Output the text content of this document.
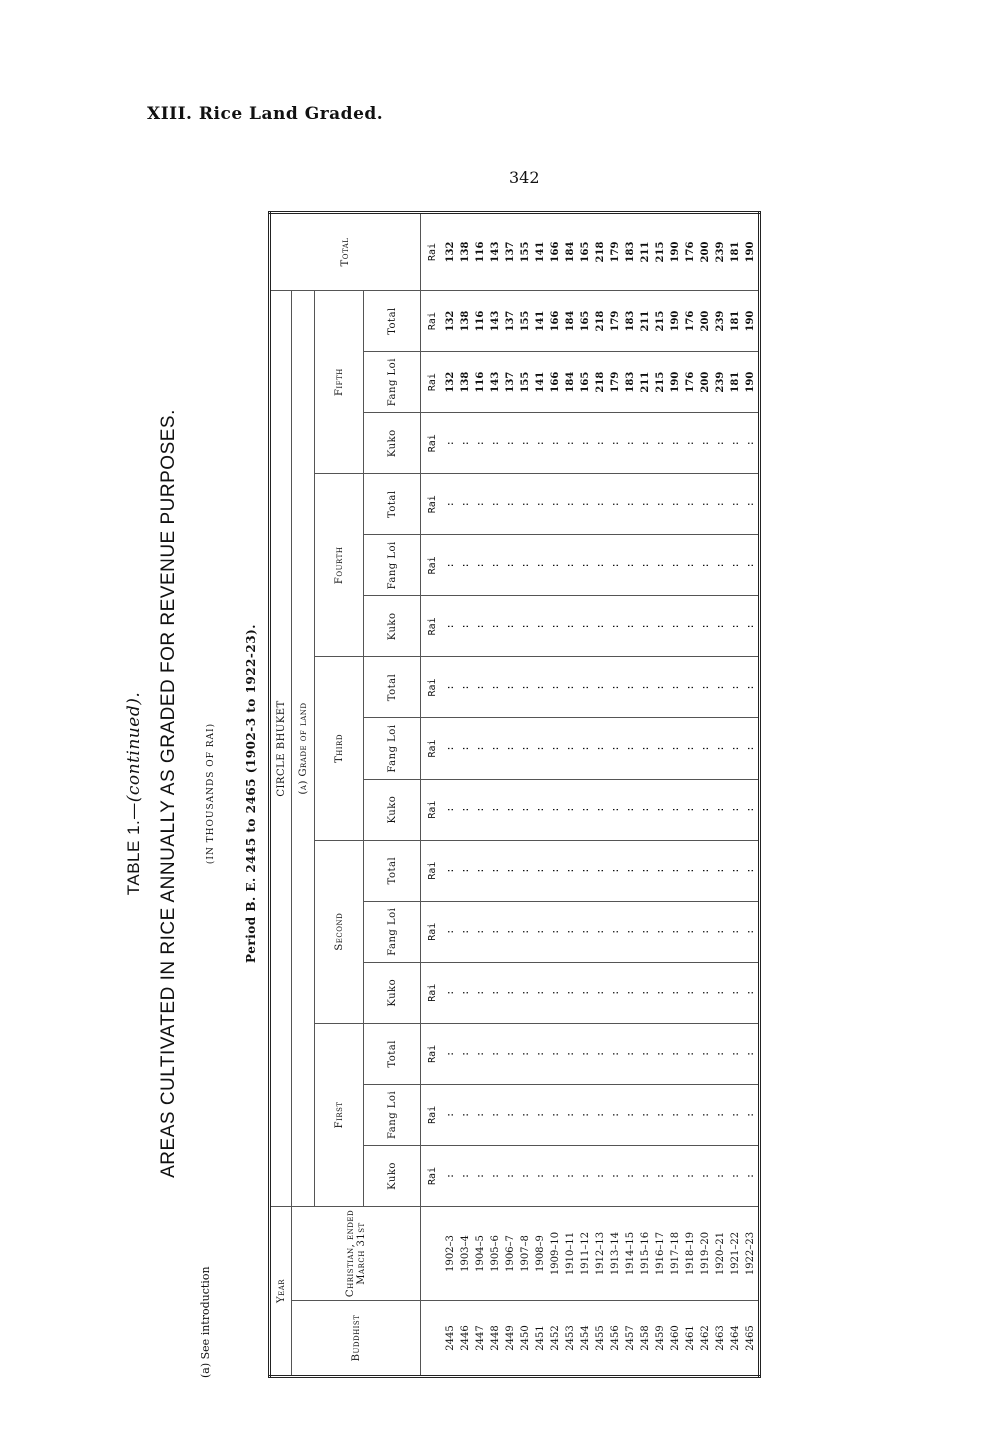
XIII. Rice Land Graded.
342
(a) See introduction
TABLE 1.—(continued). AREAS CULTIVATED IN RICE ANNUALLY AS GRADED FOR REVENUE PURPOSES.	(IN THOUSANDS OF RAI) Period B. E. 2445 to 2465 (1902-3 to 1922-23).
Year		CIRCLE BHUKET															Total
Buddhist	Christian, ended March 31st	(a) Grade of land															
		First			Second			Third			Fourth			Fifth			
		Kuko	Fang Loi	Total	Kuko	Fang Loi	Total	Kuko	Fang Loi	Total	Kuko	Fang Loi	Total	Kuko	Fang Loi	Total	
		Rai	Rai	Rai	Rai	Rai	Rai	Rai	Rai	Rai	Rai	Rai	Rai	Rai	Rai	Rai	Rai
2445	1902–3	:	:	:	:	:	:	:	:	:	:	:	:	:	132	132	132
2446	1903–4	:	:	:	:	:	:	:	:	:	:	:	:	:	138	138	138
2447	1904–5	:	:	:	:	:	:	:	:	:	:	:	:	:	116	116	116
2448	1905–6	:	:	:	:	:	:	:	:	:	:	:	:	:	143	143	143
2449	1906–7	:	:	:	:	:	:	:	:	:	:	:	:	:	137	137	137
2450	1907–8	:	:	:	:	:	:	:	:	:	:	:	:	:	155	155	155
2451	1908–9	:	:	:	:	:	:	:	:	:	:	:	:	:	141	141	141
2452	1909–10	:	:	:	:	:	:	:	:	:	:	:	:	:	166	166	166
2453	1910–11	:	:	:	:	:	:	:	:	:	:	:	:	:	184	184	184
2454	1911–12	:	:	:	:	:	:	:	:	:	:	:	:	:	165	165	165
2455	1912–13	:	:	:	:	:	:	:	:	:	:	:	:	:	218	218	218
2456	1913–14	:	:	:	:	:	:	:	:	:	:	:	:	:	179	179	179
2457	1914–15	:	:	:	:	:	:	:	:	:	:	:	:	:	183	183	183
2458	1915–16	:	:	:	:	:	:	:	:	:	:	:	:	:	211	211	211
2459	1916–17	:	:	:	:	:	:	:	:	:	:	:	:	:	215	215	215
2460	1917–18	:	:	:	:	:	:	:	:	:	:	:	:	:	190	190	190
2461	1918–19	:	:	:	:	:	:	:	:	:	:	:	:	:	176	176	176
2462	1919–20	:	:	:	:	:	:	:	:	:	:	:	:	:	200	200	200
2463	1920–21	:	:	:	:	:	:	:	:	:	:	:	:	:	239	239	239
2464	1921–22	:	:	:	:	:	:	:	:	:	:	:	:	:	181	181	181
2465	1922–23	:	:	:	:	:	:	:	:	:	:	:	:	:	190	190	190
